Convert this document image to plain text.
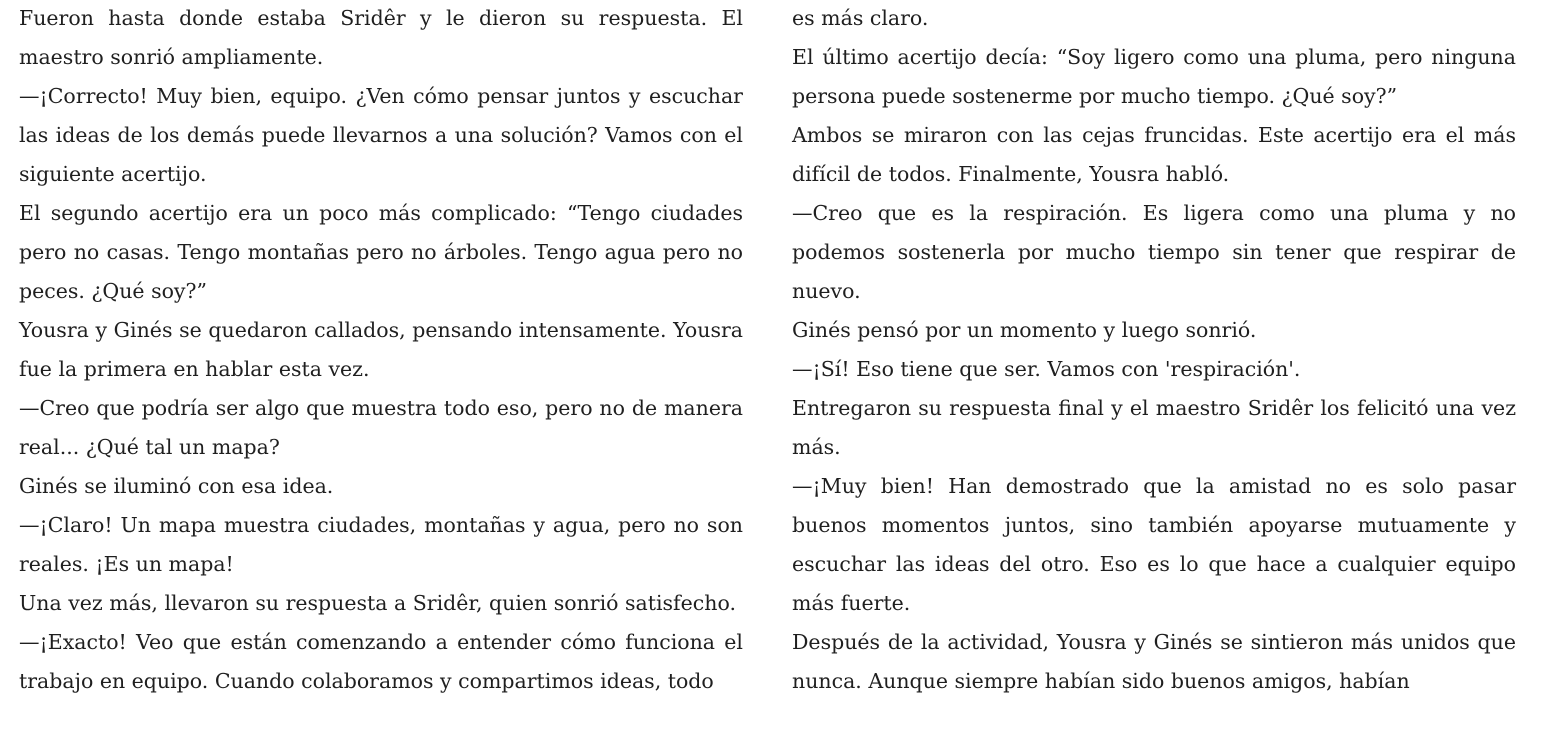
Fueron hasta donde estaba Sridêr y le dieron su respuesta. El maestro sonrió ampliamente.

—¡Correcto! Muy bien, equipo. ¿Ven cómo pensar juntos y escuchar las ideas de los demás puede llevarnos a una solución? Vamos con el siguiente acertijo.

El segundo acertijo era un poco más complicado: “Tengo ciudades pero no casas. Tengo montañas pero no árboles. Tengo agua pero no peces. ¿Qué soy?”

Yousra y Ginés se quedaron callados, pensando intensamente. Yousra fue la primera en hablar esta vez.

—Creo que podría ser algo que muestra todo eso, pero no de manera real... ¿Qué tal un mapa?

Ginés se iluminó con esa idea.

—¡Claro! Un mapa muestra ciudades, montañas y agua, pero no son reales. ¡Es un mapa!

Una vez más, llevaron su respuesta a Sridêr, quien sonrió satisfecho.

—¡Exacto! Veo que están comenzando a entender cómo funciona el trabajo en equipo. Cuando colaboramos y compartimos ideas, todo

es más claro.

El último acertijo decía: “Soy ligero como una pluma, pero ninguna persona puede sostenerme por mucho tiempo. ¿Qué soy?”

Ambos se miraron con las cejas fruncidas. Este acertijo era el más difícil de todos. Finalmente, Yousra habló.

—Creo que es la respiración. Es ligera como una pluma y no podemos sostenerla por mucho tiempo sin tener que respirar de nuevo.

Ginés pensó por un momento y luego sonrió.

—¡Sí! Eso tiene que ser. Vamos con 'respiración'.

Entregaron su respuesta final y el maestro Sridêr los felicitó una vez más.

—¡Muy bien! Han demostrado que la amistad no es solo pasar buenos momentos juntos, sino también apoyarse mutuamente y escuchar las ideas del otro. Eso es lo que hace a cualquier equipo más fuerte.

Después de la actividad, Yousra y Ginés se sintieron más unidos que nunca. Aunque siempre habían sido buenos amigos, habían
